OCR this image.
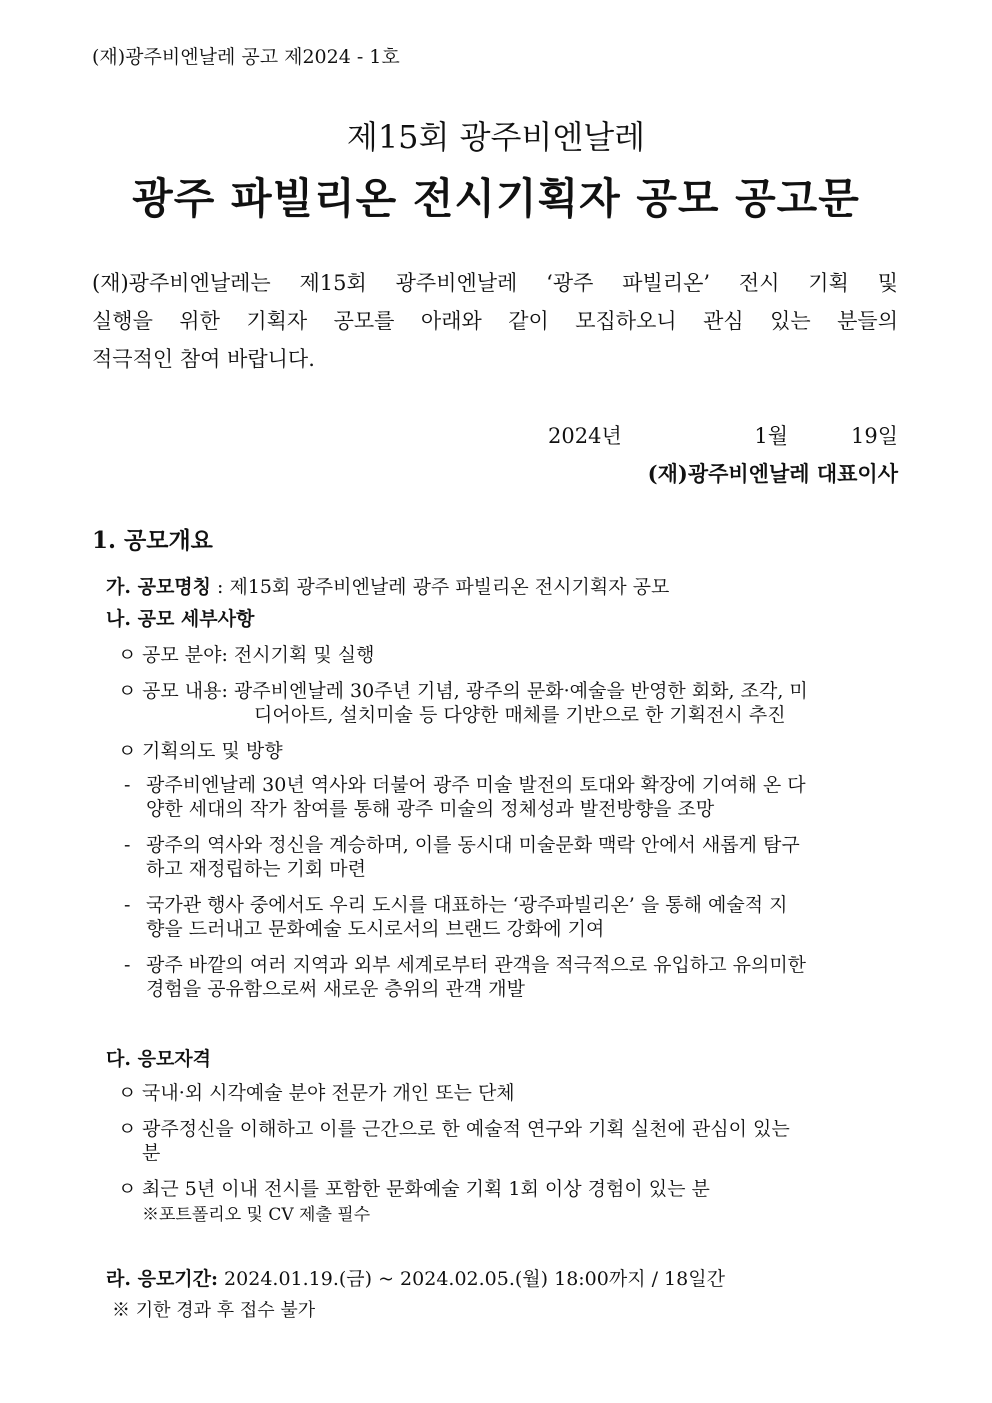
(재)광주비엔날레 공고 제2024 - 1호
제15회 광주비엔날레
광주 파빌리온 전시기획자 공모 공고문
(재)광주비엔날레는 제15회 광주비엔날레 ‘광주 파빌리온’ 전시 기획 및
실행을 위한 기획자 공모를 아래와 같이 모집하오니 관심 있는 분들의
적극적인 참여 바랍니다.
2024년	1월	19일
(재)광주비엔날레 대표이사
1. 공모개요
가. 공모명칭 : 제15회 광주비엔날레 광주 파빌리온 전시기획자 공모
나. 공모 세부사항
ㅇ 공모 분야: 전시기획 및 실행
ㅇ 공모 내용: 광주비엔날레 30주년 기념, 광주의 문화·예술을 반영한 회화, 조각, 미
디어아트, 설치미술 등 다양한 매체를 기반으로 한 기획전시 추진
ㅇ 기획의도 및 방향
- 광주비엔날레 30년 역사와 더불어 광주 미술 발전의 토대와 확장에 기여해 온 다
양한 세대의 작가 참여를 통해 광주 미술의 정체성과 발전방향을 조망
- 광주의 역사와 정신을 계승하며, 이를 동시대 미술문화 맥락 안에서 새롭게 탐구
하고 재정립하는 기회 마련
- 국가관 행사 중에서도 우리 도시를 대표하는 ‘광주파빌리온’ 을 통해 예술적 지
향을 드러내고 문화예술 도시로서의 브랜드 강화에 기여
- 광주 바깥의 여러 지역과 외부 세계로부터 관객을 적극적으로 유입하고 유의미한
경험을 공유함으로써 새로운 층위의 관객 개발
다. 응모자격
ㅇ 국내·외 시각예술 분야 전문가 개인 또는 단체
ㅇ 광주정신을 이해하고 이를 근간으로 한 예술적 연구와 기획 실천에 관심이 있는
분
ㅇ 최근 5년 이내 전시를 포함한 문화예술 기획 1회 이상 경험이 있는 분
※포트폴리오 및 CV 제출 필수
라. 응모기간: 2024.01.19.(금) ~ 2024.02.05.(월) 18:00까지 / 18일간
※ 기한 경과 후 접수 불가
